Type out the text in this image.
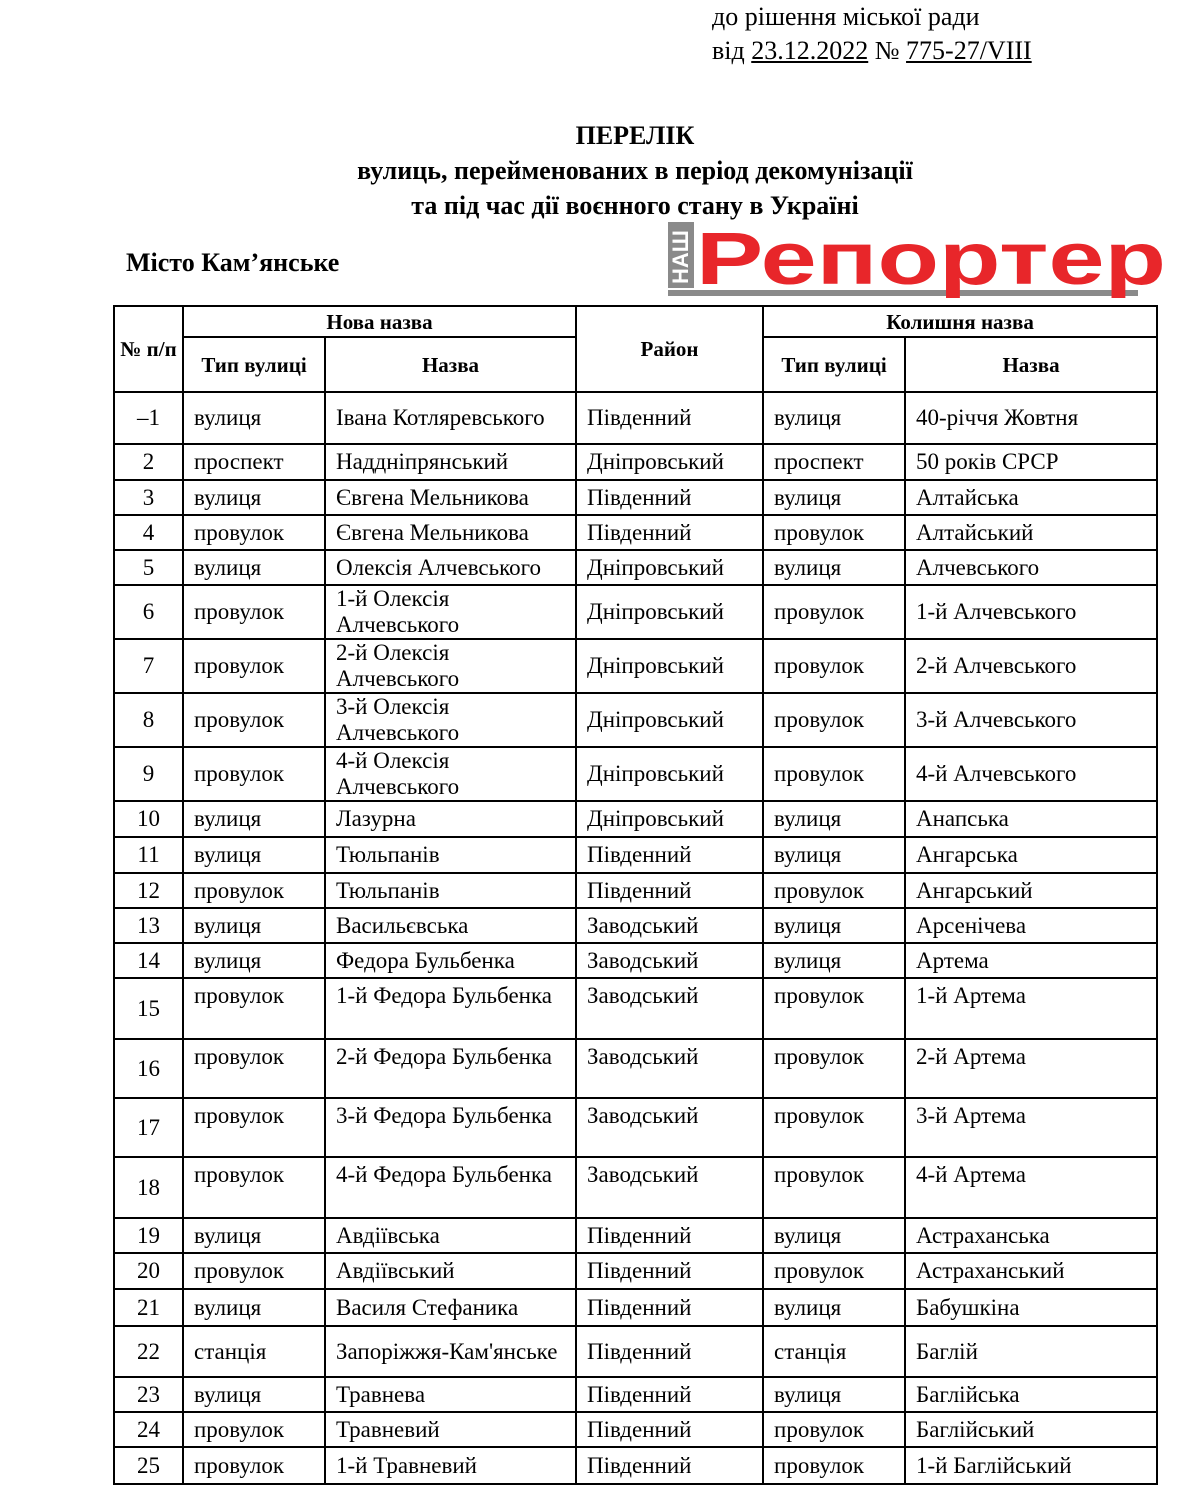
до рішення міської ради
від 23.12.2022 № 775-27/VIII
ПЕРЕЛІК
вулиць, перейменованих в період декомунізації
та під час дії воєнного стану в Україні
Місто Кам’янське	НАШ Репортер
№ п/п	Нова назва		Район	Колишня назва	
	Тип вулиці	Назва		Тип вулиці	Назва
–1	вулиця	Івана Котляревського	Південний	вулиця	40-річчя Жовтня
2	проспект	Наддніпрянський	Дніпровський	проспект	50 років СРСР
3	вулиця	Євгена Мельникова	Південний	вулиця	Алтайська
4	провулок	Євгена Мельникова	Південний	провулок	Алтайський
5	вулиця	Олексія Алчевського	Дніпровський	вулиця	Алчевського
6	провулок	1-й Олексія Алчевського	Дніпровський	провулок	1-й Алчевського
7	провулок	2-й Олексія Алчевського	Дніпровський	провулок	2-й Алчевського
8	провулок	3-й Олексія Алчевського	Дніпровський	провулок	3-й Алчевського
9	провулок	4-й Олексія Алчевського	Дніпровський	провулок	4-й Алчевського
10	вулиця	Лазурна	Дніпровський	вулиця	Анапська
11	вулиця	Тюльпанів	Південний	вулиця	Ангарська
12	провулок	Тюльпанів	Південний	провулок	Ангарський
13	вулиця	Васильєвська	Заводський	вулиця	Арсенічева
14	вулиця	Федора Бульбенка	Заводський	вулиця	Артема
15	провулок	1-й Федора Бульбенка	Заводський	провулок	1-й Артема
16	провулок	2-й Федора Бульбенка	Заводський	провулок	2-й Артема
17	провулок	3-й Федора Бульбенка	Заводський	провулок	3-й Артема
18	провулок	4-й Федора Бульбенка	Заводський	провулок	4-й Артема
19	вулиця	Авдіївська	Південний	вулиця	Астраханська
20	провулок	Авдіївський	Південний	провулок	Астраханський
21	вулиця	Василя Стефаника	Південний	вулиця	Бабушкіна
22	станція	Запоріжжя-Кам'янське	Південний	станція	Баглій
23	вулиця	Травнева	Південний	вулиця	Баглійська
24	провулок	Травневий	Південний	провулок	Баглійський
25	провулок	1-й Травневий	Південний	провулок	1-й Баглійський
